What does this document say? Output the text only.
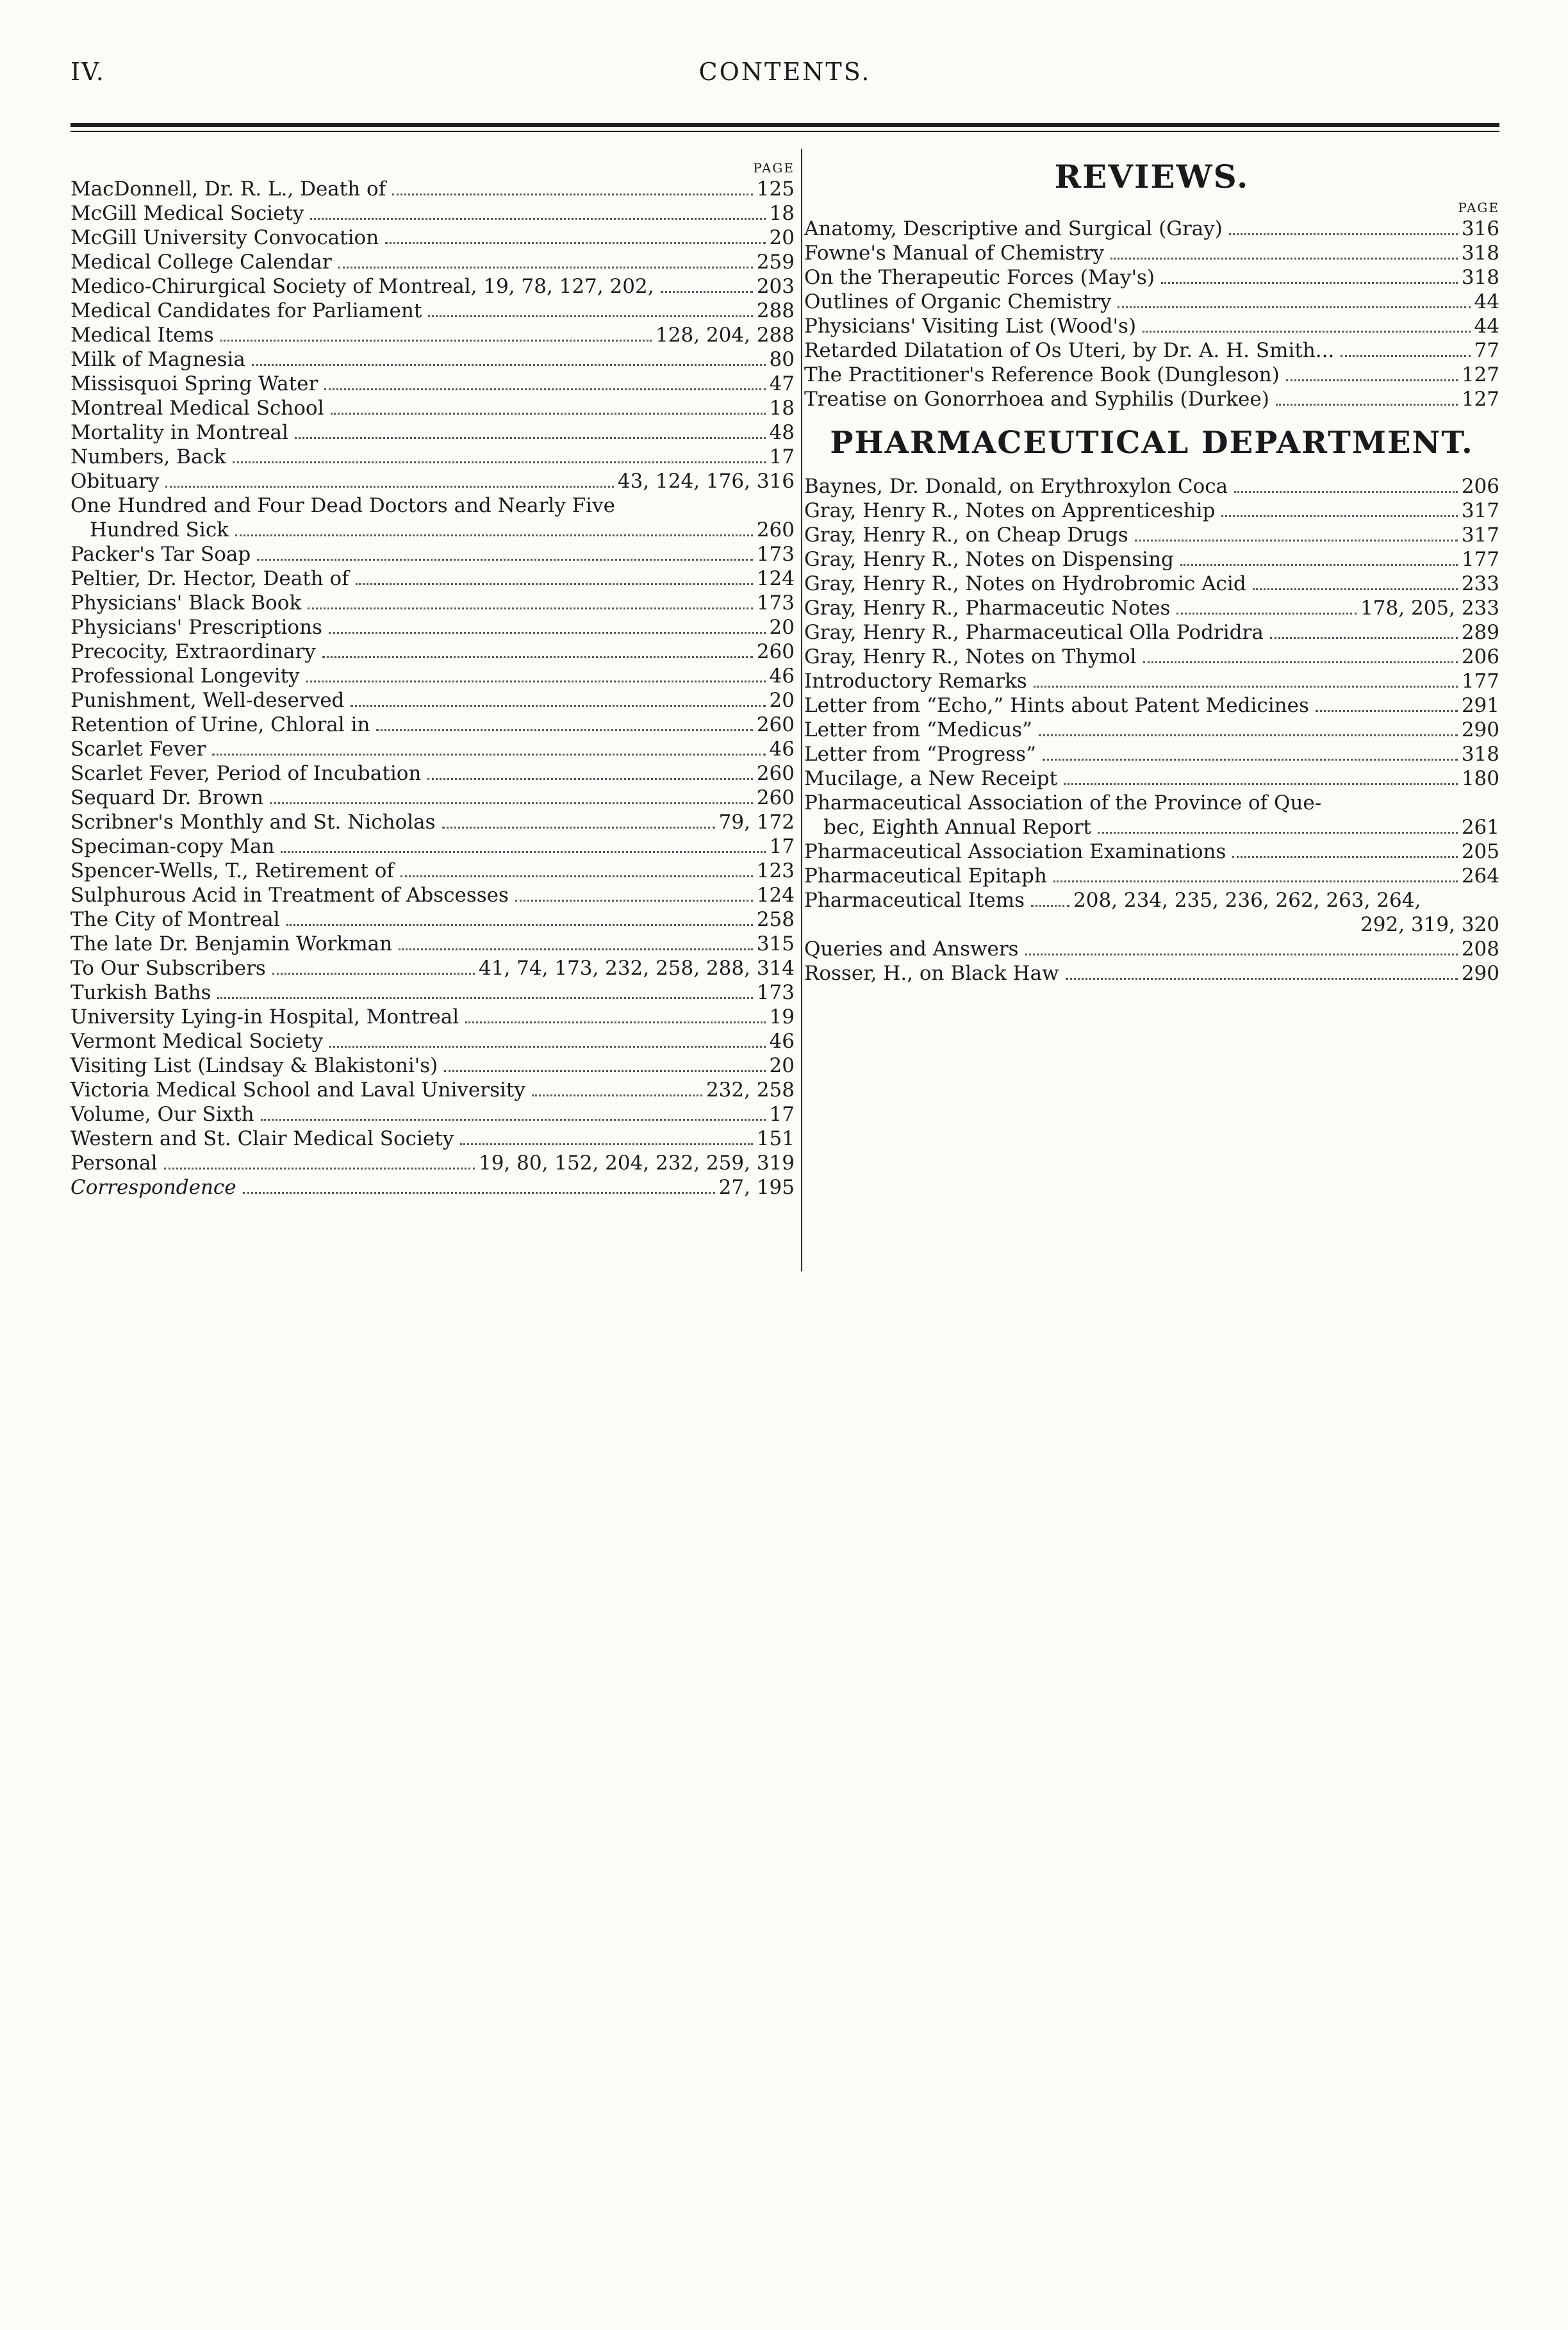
IV.	CONTENTS.
PAGE
MacDonnell, Dr. R. L., Death of	125
McGill Medical Society	18
McGill University Convocation	20
Medical College Calendar	259
Medico-Chirurgical Society of Montreal, 19, 78, 127, 202,	203
Medical Candidates for Parliament	288
Medical Items	128, 204, 288
Milk of Magnesia	80
Missisquoi Spring Water	47
Montreal Medical School	18
Mortality in Montreal	48
Numbers, Back	17
Obituary	43, 124, 176, 316
One Hundred and Four Dead Doctors and Nearly Five
Hundred Sick	260
Packer's Tar Soap	173
Peltier, Dr. Hector, Death of	124
Physicians' Black Book	173
Physicians' Prescriptions	20
Precocity, Extraordinary	260
Professional Longevity	46
Punishment, Well-deserved	20
Retention of Urine, Chloral in	260
Scarlet Fever	46
Scarlet Fever, Period of Incubation	260
Sequard Dr. Brown	260
Scribner's Monthly and St. Nicholas	79, 172
Speciman-copy Man	17
Spencer-Wells, T., Retirement of	123
Sulphurous Acid in Treatment of Abscesses	124
The City of Montreal	258
The late Dr. Benjamin Workman	315
To Our Subscribers	41, 74, 173, 232, 258, 288, 314
Turkish Baths	173
University Lying-in Hospital, Montreal	19
Vermont Medical Society	46
Visiting List (Lindsay & Blakistoni's)	20
Victoria Medical School and Laval University	232, 258
Volume, Our Sixth	17
Western and St. Clair Medical Society	151
Personal	19, 80, 152, 204, 232, 259, 319
Correspondence	27, 195
REVIEWS.
PAGE
Anatomy, Descriptive and Surgical (Gray)	316
Fowne's Manual of Chemistry	318
On the Therapeutic Forces (May's)	318
Outlines of Organic Chemistry	44
Physicians' Visiting List (Wood's)	44
Retarded Dilatation of Os Uteri, by Dr. A. H. Smith...	77
The Practitioner's Reference Book (Dungleson)	127
Treatise on Gonorrhoea and Syphilis (Durkee)	127
PHARMACEUTICAL DEPARTMENT.
Baynes, Dr. Donald, on Erythroxylon Coca	206
Gray, Henry R., Notes on Apprenticeship	317
Gray, Henry R., on Cheap Drugs	317
Gray, Henry R., Notes on Dispensing	177
Gray, Henry R., Notes on Hydrobromic Acid	233
Gray, Henry R., Pharmaceutic Notes	178, 205, 233
Gray, Henry R., Pharmaceutical Olla Podridra	289
Gray, Henry R., Notes on Thymol	206
Introductory Remarks	177
Letter from “Echo,” Hints about Patent Medicines	291
Letter from “Medicus”	290
Letter from “Progress”	318
Mucilage, a New Receipt	180
Pharmaceutical Association of the Province of Que-
bec, Eighth Annual Report	261
Pharmaceutical Association Examinations	205
Pharmaceutical Epitaph	264
Pharmaceutical Items 208, 234, 235, 236, 262, 263, 264,
292, 319, 320
Queries and Answers	208
Rosser, H., on Black Haw	290
